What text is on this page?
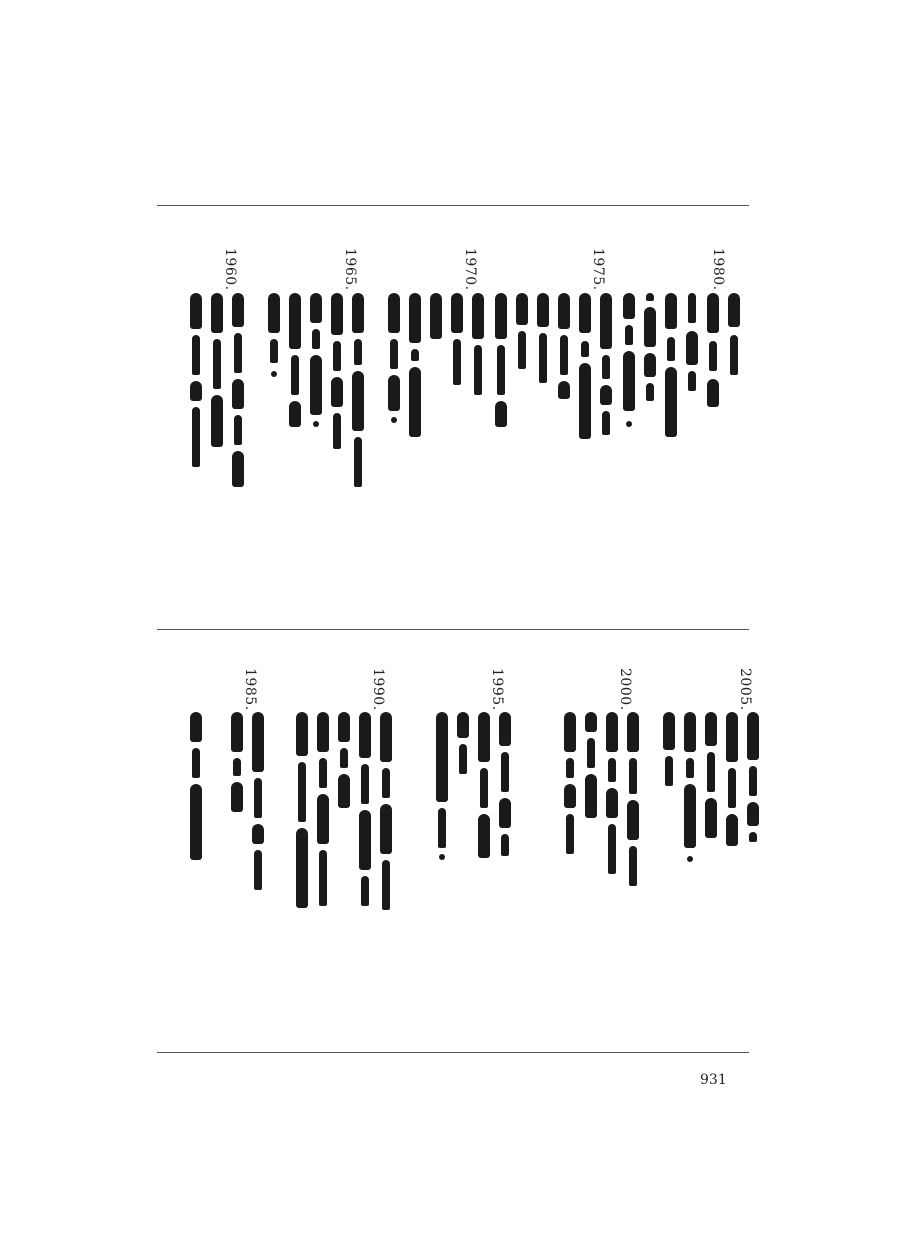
1980.
1975.
1970.
1965.
1960.
2005.
2000.
1995.
1990.
1985.
931
